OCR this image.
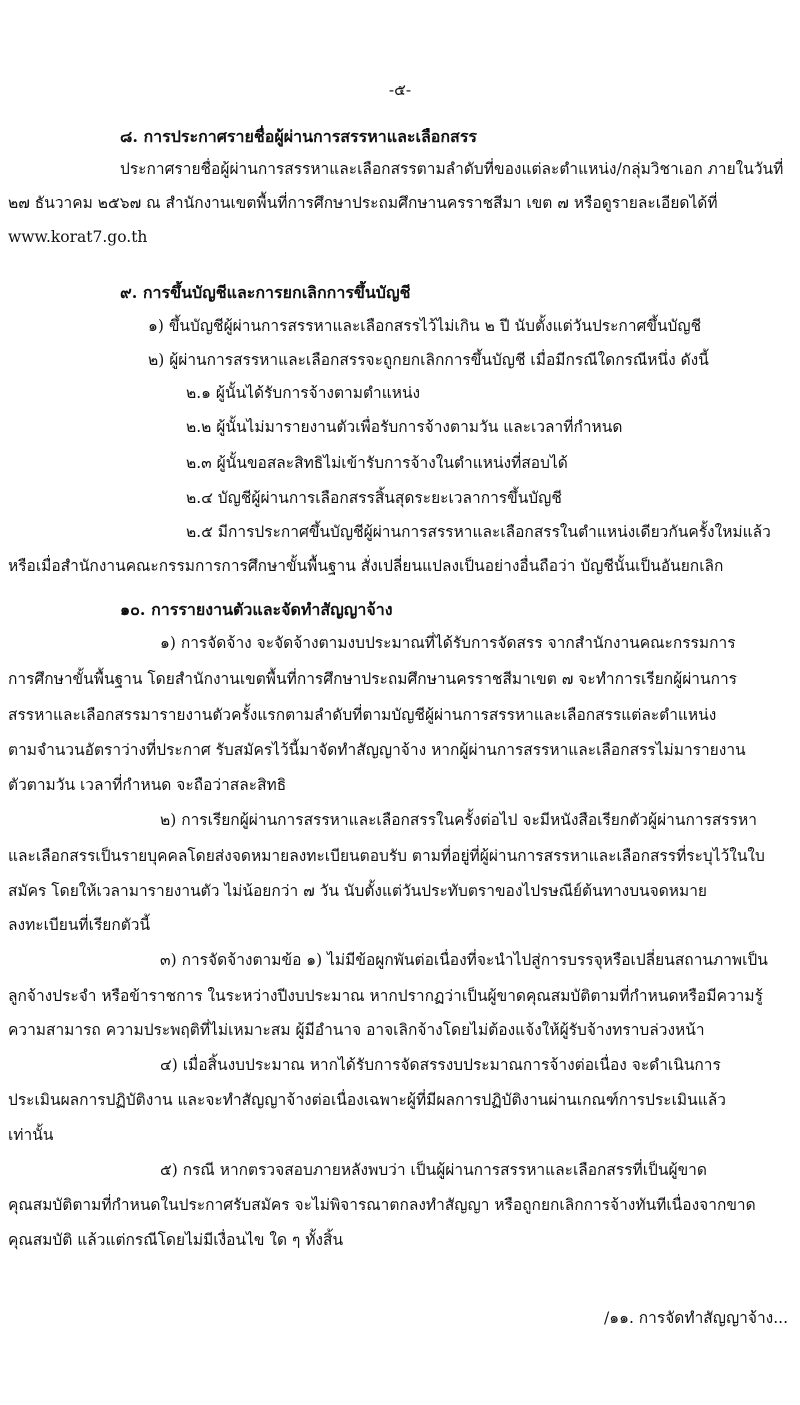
-๕-
๘. การประกาศรายชื่อผู้ผ่านการสรรหาและเลือกสรร
ประกาศรายชื่อผู้ผ่านการสรรหาและเลือกสรรตามลำดับที่ของแต่ละตำแหน่ง/กลุ่มวิชาเอก ภายในวันที่
๒๗ ธันวาคม ๒๕๖๗ ณ สำนักงานเขตพื้นที่การศึกษาประถมศึกษานครราชสีมา เขต ๗ หรือดูรายละเอียดได้ที่
www.korat7.go.th
๙. การขึ้นบัญชีและการยกเลิกการขึ้นบัญชี
๑) ขึ้นบัญชีผู้ผ่านการสรรหาและเลือกสรรไว้ไม่เกิน ๒ ปี นับตั้งแต่วันประกาศขึ้นบัญชี
๒) ผู้ผ่านการสรรหาและเลือกสรรจะถูกยกเลิกการขึ้นบัญชี เมื่อมีกรณีใดกรณีหนึ่ง ดังนี้
๒.๑ ผู้นั้นได้รับการจ้างตามตำแหน่ง
๒.๒ ผู้นั้นไม่มารายงานตัวเพื่อรับการจ้างตามวัน และเวลาที่กำหนด
๒.๓ ผู้นั้นขอสละสิทธิไม่เข้ารับการจ้างในตำแหน่งที่สอบได้
๒.๔ บัญชีผู้ผ่านการเลือกสรรสิ้นสุดระยะเวลาการขึ้นบัญชี
๒.๕ มีการประกาศขึ้นบัญชีผู้ผ่านการสรรหาและเลือกสรรในตำแหน่งเดียวกันครั้งใหม่แล้ว
หรือเมื่อสำนักงานคณะกรรมการการศึกษาขั้นพื้นฐาน สั่งเปลี่ยนแปลงเป็นอย่างอื่นถือว่า บัญชีนั้นเป็นอันยกเลิก
๑๐. การรายงานตัวและจัดทำสัญญาจ้าง
๑) การจัดจ้าง จะจัดจ้างตามงบประมาณที่ได้รับการจัดสรร จากสำนักงานคณะกรรมการ
การศึกษาขั้นพื้นฐาน โดยสำนักงานเขตพื้นที่การศึกษาประถมศึกษานครราชสีมาเขต ๗ จะทำการเรียกผู้ผ่านการ
สรรหาและเลือกสรรมารายงานตัวครั้งแรกตามลำดับที่ตามบัญชีผู้ผ่านการสรรหาและเลือกสรรแต่ละตำแหน่ง
ตามจำนวนอัตราว่างที่ประกาศ รับสมัครไว้นี้มาจัดทำสัญญาจ้าง หากผู้ผ่านการสรรหาและเลือกสรรไม่มารายงาน
ตัวตามวัน เวลาที่กำหนด จะถือว่าสละสิทธิ
๒) การเรียกผู้ผ่านการสรรหาและเลือกสรรในครั้งต่อไป จะมีหนังสือเรียกตัวผู้ผ่านการสรรหา
และเลือกสรรเป็นรายบุคคลโดยส่งจดหมายลงทะเบียนตอบรับ ตามที่อยู่ที่ผู้ผ่านการสรรหาและเลือกสรรที่ระบุไว้ในใบ
สมัคร โดยให้เวลามารายงานตัว ไม่น้อยกว่า ๗ วัน นับตั้งแต่วันประทับตราของไปรษณีย์ต้นทางบนจดหมาย
ลงทะเบียนที่เรียกตัวนี้
๓) การจัดจ้างตามข้อ ๑) ไม่มีข้อผูกพันต่อเนื่องที่จะนำไปสู่การบรรจุหรือเปลี่ยนสถานภาพเป็น
ลูกจ้างประจำ หรือข้าราชการ ในระหว่างปีงบประมาณ หากปรากฏว่าเป็นผู้ขาดคุณสมบัติตามที่กำหนดหรือมีความรู้
ความสามารถ ความประพฤติที่ไม่เหมาะสม ผู้มีอำนาจ อาจเลิกจ้างโดยไม่ต้องแจ้งให้ผู้รับจ้างทราบล่วงหน้า
๔) เมื่อสิ้นงบประมาณ หากได้รับการจัดสรรงบประมาณการจ้างต่อเนื่อง จะดำเนินการ
ประเมินผลการปฏิบัติงาน และจะทำสัญญาจ้างต่อเนื่องเฉพาะผู้ที่มีผลการปฏิบัติงานผ่านเกณฑ์การประเมินแล้ว
เท่านั้น
๕) กรณี หากตรวจสอบภายหลังพบว่า เป็นผู้ผ่านการสรรหาและเลือกสรรที่เป็นผู้ขาด
คุณสมบัติตามที่กำหนดในประกาศรับสมัคร จะไม่พิจารณาตกลงทำสัญญา หรือถูกยกเลิกการจ้างทันทีเนื่องจากขาด
คุณสมบัติ แล้วแต่กรณีโดยไม่มีเงื่อนไข ใด ๆ ทั้งสิ้น
/๑๑. การจัดทำสัญญาจ้าง...
